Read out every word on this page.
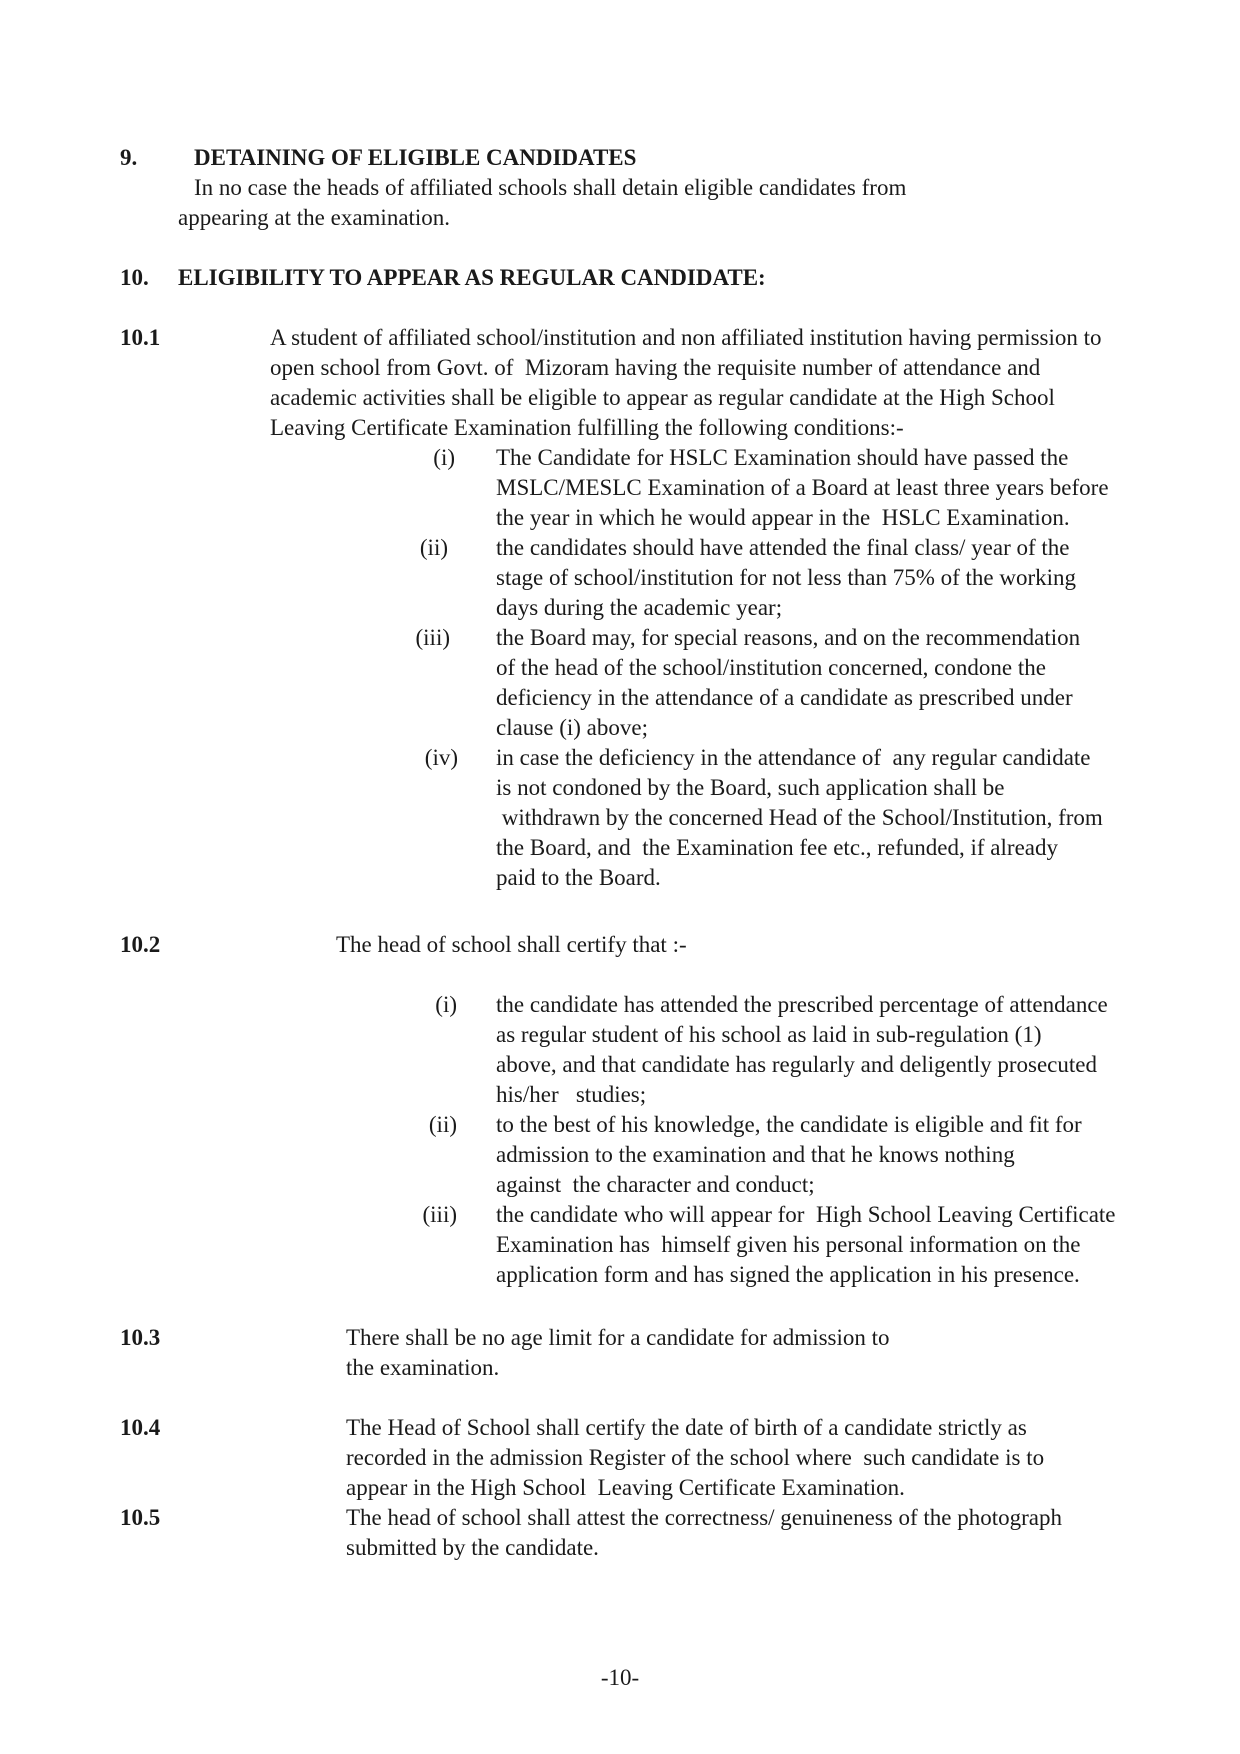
9. DETAINING OF ELIGIBLE CANDIDATES
In no case the heads of affiliated schools shall detain eligible candidates from
appearing at the examination.
10. ELIGIBILITY TO APPEAR AS REGULAR CANDIDATE:
10.1	A student of affiliated school/institution and non affiliated institution having permission to
open school from Govt. of  Mizoram having the requisite number of attendance and
academic activities shall be eligible to appear as regular candidate at the High School
Leaving Certificate Examination fulfilling the following conditions:-
(i) The Candidate for HSLC Examination should have passed the
MSLC/MESLC Examination of a Board at least three years before
the year in which he would appear in the  HSLC Examination.
(ii) the candidates should have attended the final class/ year of the
stage of school/institution for not less than 75% of the working
days during the academic year;
(iii) the Board may, for special reasons, and on the recommendation
of the head of the school/institution concerned, condone the
deficiency in the attendance of a candidate as prescribed under
clause (i) above;
(iv) in case the deficiency in the attendance of  any regular candidate
is not condoned by the Board, such application shall be
withdrawn by the concerned Head of the School/Institution, from
the Board, and  the Examination fee etc., refunded, if already
paid to the Board.
10.2	The head of school shall certify that :-
(i) the candidate has attended the prescribed percentage of attendance
as regular student of his school as laid in sub-regulation (1)
above, and that candidate has regularly and deligently prosecuted
his/her   studies;
(ii) to the best of his knowledge, the candidate is eligible and fit for
admission to the examination and that he knows nothing
against  the character and conduct;
(iii) the candidate who will appear for  High School Leaving Certificate
Examination has  himself given his personal information on the
application form and has signed the application in his presence.
10.3	There shall be no age limit for a candidate for admission to
the examination.
10.4	The Head of School shall certify the date of birth of a candidate strictly as
recorded in the admission Register of the school where  such candidate is to
appear in the High School  Leaving Certificate Examination.
10.5	The head of school shall attest the correctness/ genuineness of the photograph
submitted by the candidate.
-10-
